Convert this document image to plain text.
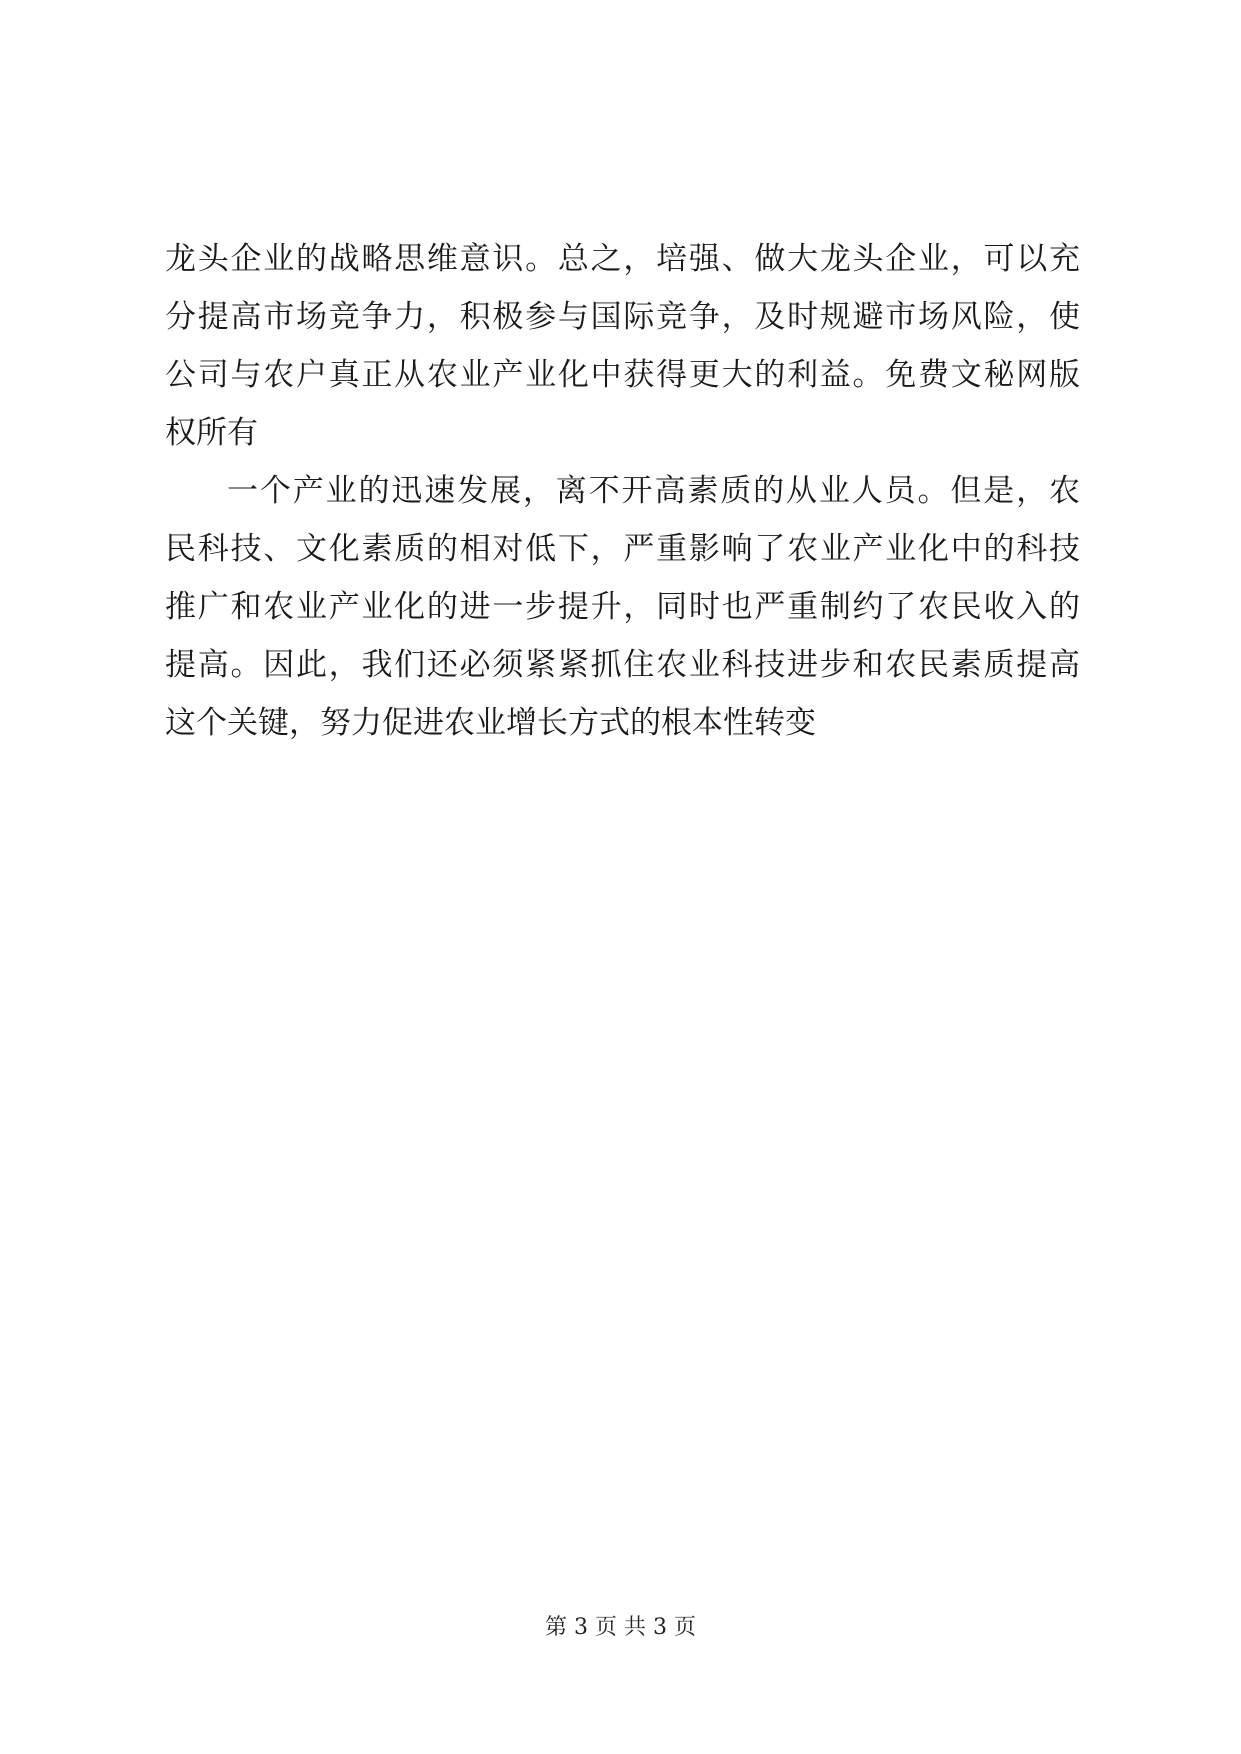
龙头企业的战略思维意识。总之，培强、做大龙头企业，可以充
分提高市场竞争力，积极参与国际竞争，及时规避市场风险，使
公司与农户真正从农业产业化中获得更大的利益。免费文秘网版
权所有
一个产业的迅速发展，离不开高素质的从业人员。但是，农
民科技、文化素质的相对低下，严重影响了农业产业化中的科技
推广和农业产业化的进一步提升，同时也严重制约了农民收入的
提高。因此，我们还必须紧紧抓住农业科技进步和农民素质提高
这个关键，努力促进农业增长方式的根本性转变
第 3 页 共 3 页
